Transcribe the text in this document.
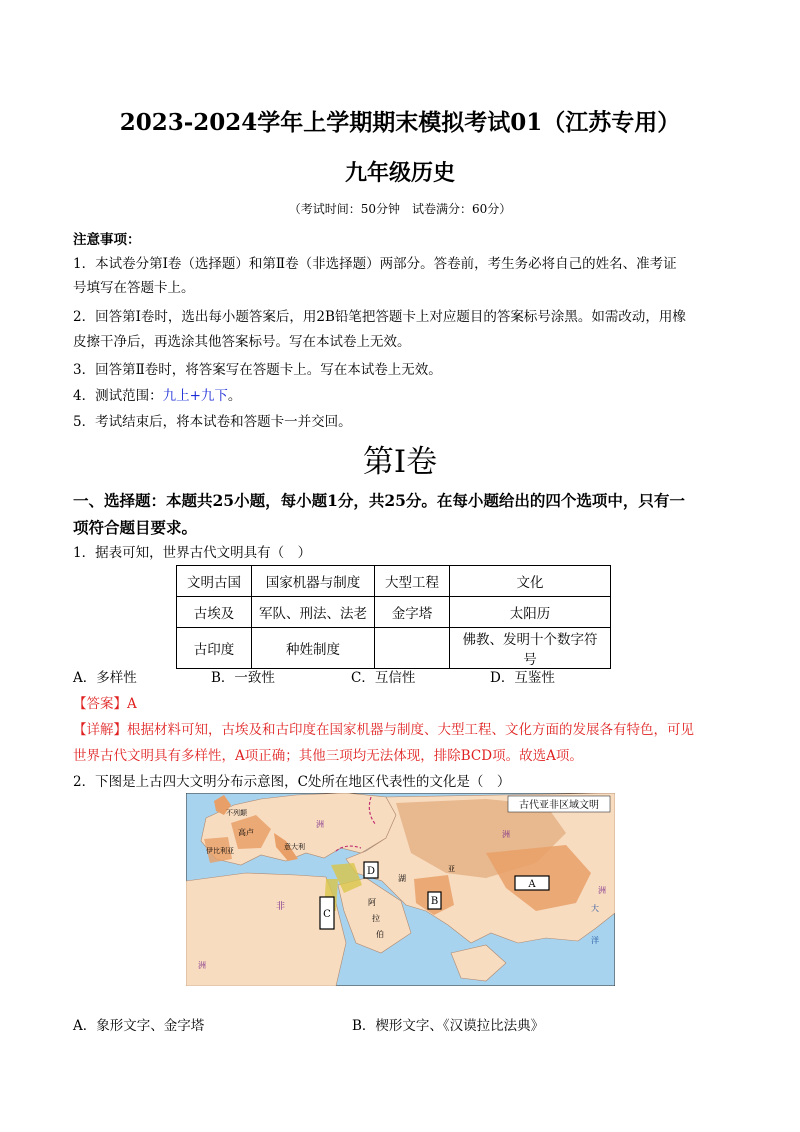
2023-2024学年上学期期末模拟考试01（江苏专用）
九年级历史
（考试时间：50分钟　试卷满分：60分）
注意事项：
1．本试卷分第Ⅰ卷（选择题）和第Ⅱ卷（非选择题）两部分。答卷前，考生务必将自己的姓名、准考证
号填写在答题卡上。
2．回答第Ⅰ卷时，选出每小题答案后，用2B铅笔把答题卡上对应题目的答案标号涂黑。如需改动，用橡
皮擦干净后，再选涂其他答案标号。写在本试卷上无效。
3．回答第Ⅱ卷时，将答案写在答题卡上。写在本试卷上无效。
4．测试范围：九上+九下。
5．考试结束后，将本试卷和答题卡一并交回。
第Ⅰ卷
一、选择题：本题共25小题，每小题1分，共25分。在每小题给出的四个选项中，只有一
项符合题目要求。
1．据表可知，世界古代文明具有（　）
文明古国	国家机器与制度	大型工程	文化
古埃及	军队、刑法、法老	金字塔	太阳历
古印度	种姓制度		佛教、发明十个数字符号
A．多样性	B．一致性	C．互信性	D．互鉴性
【答案】A
【详解】根据材料可知，古埃及和古印度在国家机器与制度、大型工程、文化方面的发展各有特色，可见
世界古代文明具有多样性，A项正确；其他三项均无法体现，排除BCD项。故选A项。
2．下图是上古四大文明分布示意图，C处所在地区代表性的文化是（　）
古代亚非区域文明
不列颠
高卢
伊比利亚	意大利
非	阿
拉
伯
洲
洲
洲
洲
湖
亚
大
洋
A
B
C
D
A．象形文字、金字塔	B．楔形文字、《汉谟拉比法典》
